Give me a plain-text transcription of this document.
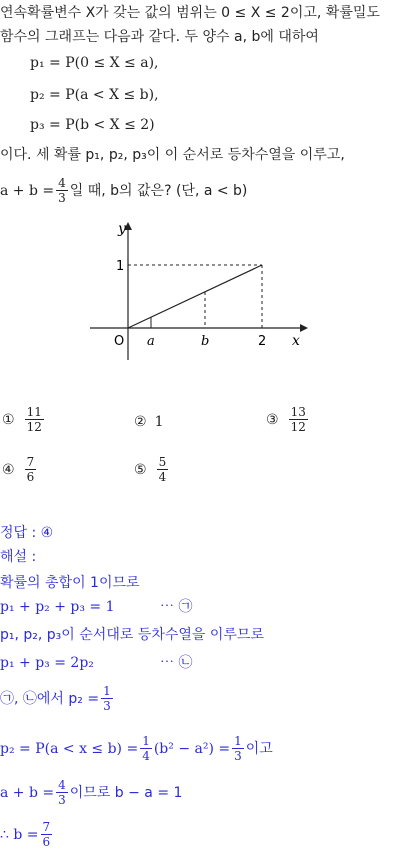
연속확률변수 X가 갖는 값의 범위는 0 ≤ X ≤ 2이고, 확률밀도
함수의 그래프는 다음과 같다. 두 양수 a, b에 대하여
p₁ = P(0 ≤ X ≤ a),
p₂ = P(a < X ≤ b),
p₃ = P(b < X ≤ 2)
이다. 세 확률 p₁, p₂, p₃이 이 순서로 등차수열을 이루고,
$a + b = \frac{4}{3}$ 일 때, b의 값은? (단, a < b)
y
x
O
1
a	b	2
① $\frac{11}{12}$	② 1	③ $\frac{13}{12}$
④ $\frac{7}{6}$	⑤ $\frac{5}{4}$
정답 : ④
해설 :
확률의 총합이 1이므로
p₁ + p₂ + p₃ = 1	⋯ ㉠
p₁, p₂, p₃이 순서대로 등차수열을 이루므로
p₁ + p₃ = 2p₂	⋯ ㉡
㉠, ㉡에서 $p_2 = \frac{1}{3}$
$p_2 = P(a < x \le b) = \frac{1}{4} (b^2 - a^2) = \frac{1}{3}$ 이고
$a + b = \frac{4}{3}$ 이므로 b − a = 1
∴ $b = \frac{7}{6}$
